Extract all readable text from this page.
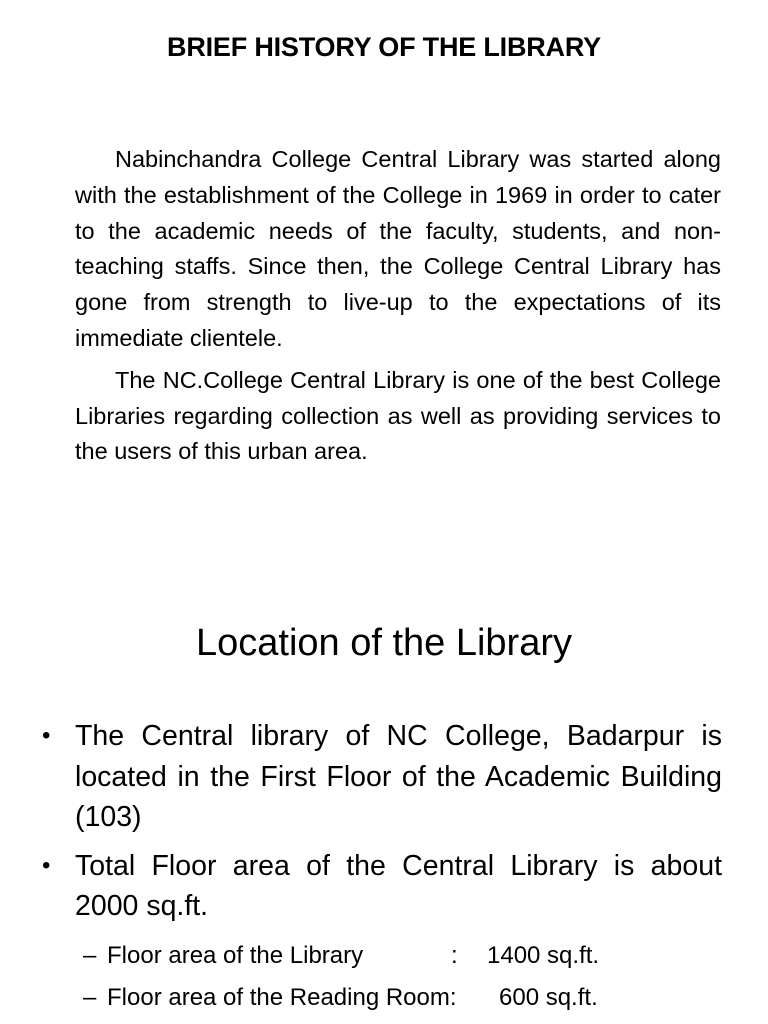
BRIEF HISTORY OF THE LIBRARY

Nabinchandra College Central Library was started along with the establishment of the College in 1969 in order to cater to the academic needs of the faculty, students, and non-teaching staffs. Since then, the College Central Library has gone from strength to live-up to the expectations of its immediate clientele.

The NC.College Central Library is one of the best College Libraries regarding collection as well as providing services to the users of this urban area.

Location of the Library
• The Central library of NC College, Badarpur is located in the First Floor of the Academic Building (103)
• Total Floor area of the Central Library is about 2000 sq.ft.
– Floor area of the Library	: 1400 sq.ft.
– Floor area of the Reading Room: 600 sq.ft.
